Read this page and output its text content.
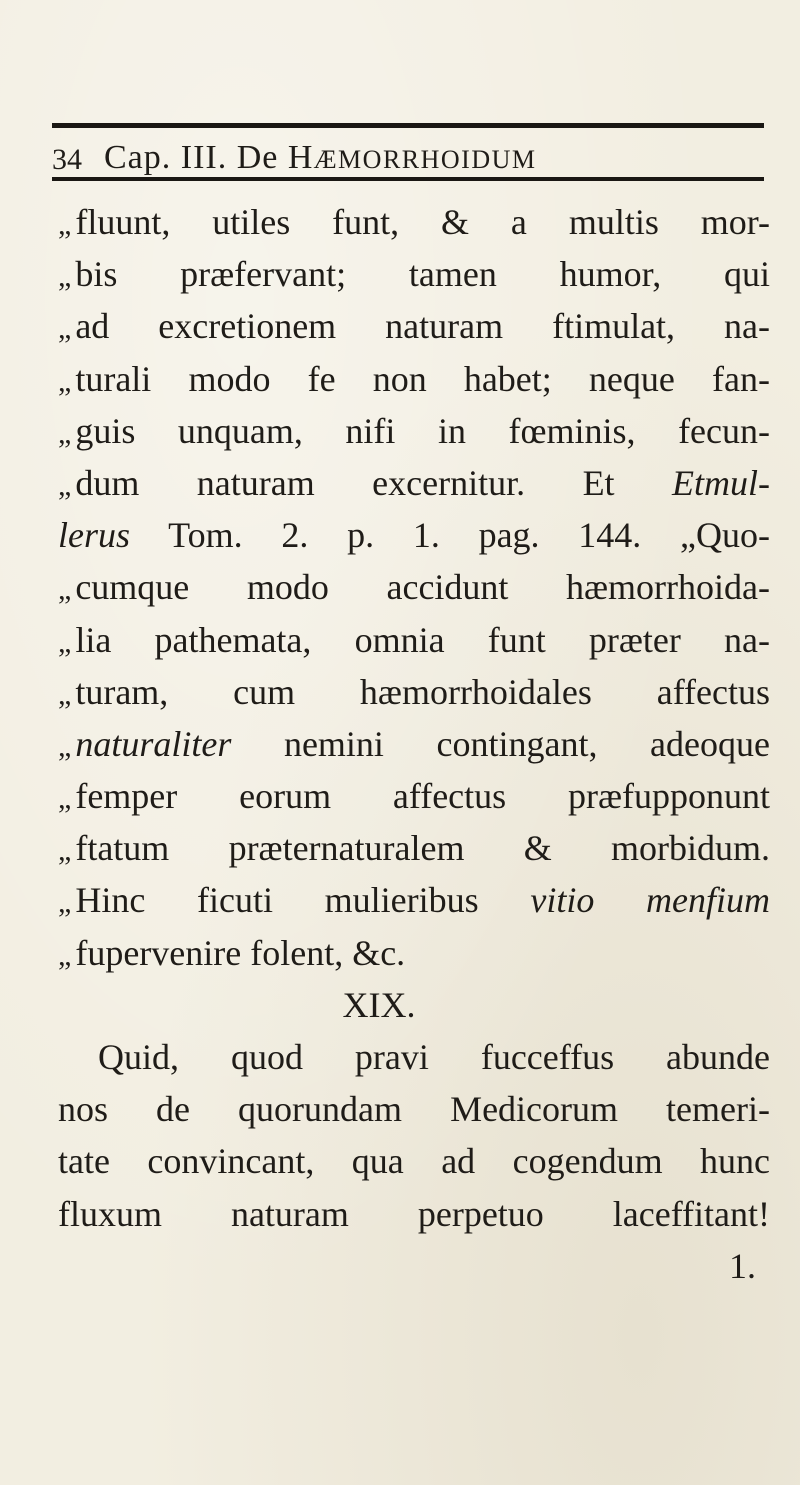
34 Cap. III. De HÆMORRHOIDUM
„ fluunt, utiles funt, & a multis mor-
„ bis præfervant; tamen humor, qui
„ ad excretionem naturam ftimulat, na-
„ turali modo fe non habet; neque fan-
„ guis unquam, nifi in fœminis, fecun-
„ dum naturam excernitur. Et Etmul-
lerus Tom. 2. p. 1. pag. 144. „Quo-
„ cumque modo accidunt hæmorrhoida-
„ lia pathemata, omnia funt præter na-
„ turam, cum hæmorrhoidales affectus
„ naturaliter nemini contingant, adeoque
„ femper eorum affectus præfupponunt
„ ftatum præternaturalem & morbidum.
„ Hinc ficuti mulieribus vitio menfium
„ fupervenire folent, &c.
XIX.
Quid, quod pravi fucceffus abunde
nos de quorundam Medicorum temeri-
tate convincant, qua ad cogendum hunc
fluxum naturam perpetuo laceffitant!
1.
